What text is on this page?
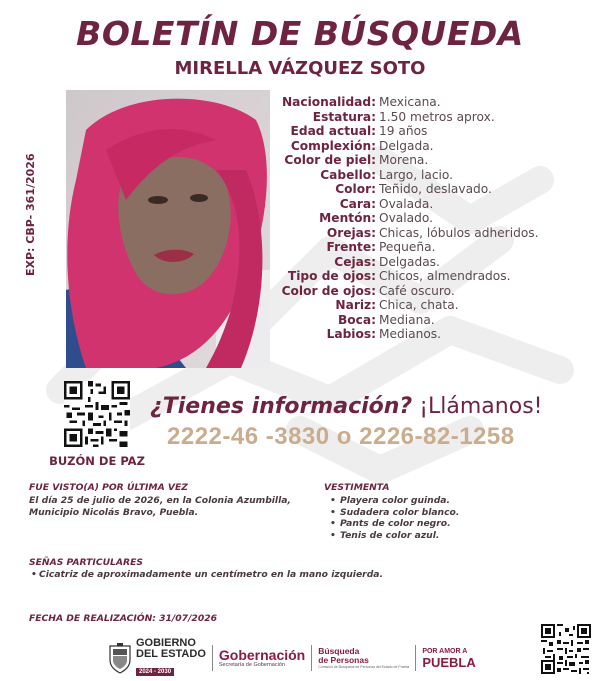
BOLETÍN DE BÚSQUEDA
MIRELLA VÁZQUEZ SOTO
EXP: CBP- 361/2026
Nacionalidad: Mexicana.
Estatura: 1.50 metros aprox.
Edad actual: 19 años
Complexión: Delgada.
Color de piel: Morena.
Cabello: Largo, lacio.
Color: Teñido, deslavado.
Cara: Ovalada.
Mentón: Ovalado.
Orejas: Chicas, lóbulos adheridos.
Frente: Pequeña.
Cejas: Delgadas.
Tipo de ojos: Chicos, almendrados.
Color de ojos: Café oscuro.
Nariz: Chica, chata.
Boca: Mediana.
Labios: Medianos.
BUZÓN DE PAZ
¿Tienes información? ¡Llámanos!
2222-46 -3830 o 2226-82-1258
FUE VISTO(A) POR ÚLTIMA VEZ
El día 25 de julio de 2026, en la Colonia Azumbilla, Municipio Nicolás Bravo, Puebla.
VESTIMENTA
• Playera color guinda.
• Sudadera color blanco.
• Pants de color negro.
• Tenis de color azul.
SEÑAS PARTICULARES
• Cicatriz de aproximadamente un centímetro en la mano izquierda.
FECHA DE REALIZACIÓN: 31/07/2026
GOBIERNO
DEL ESTADO
2024 - 2030
Gobernación
Secretaría de Gobernación
Búsqueda
de Personas
Comisión de Búsqueda de Personas del Estado de Puebla
POR AMOR A
PUEBLA
